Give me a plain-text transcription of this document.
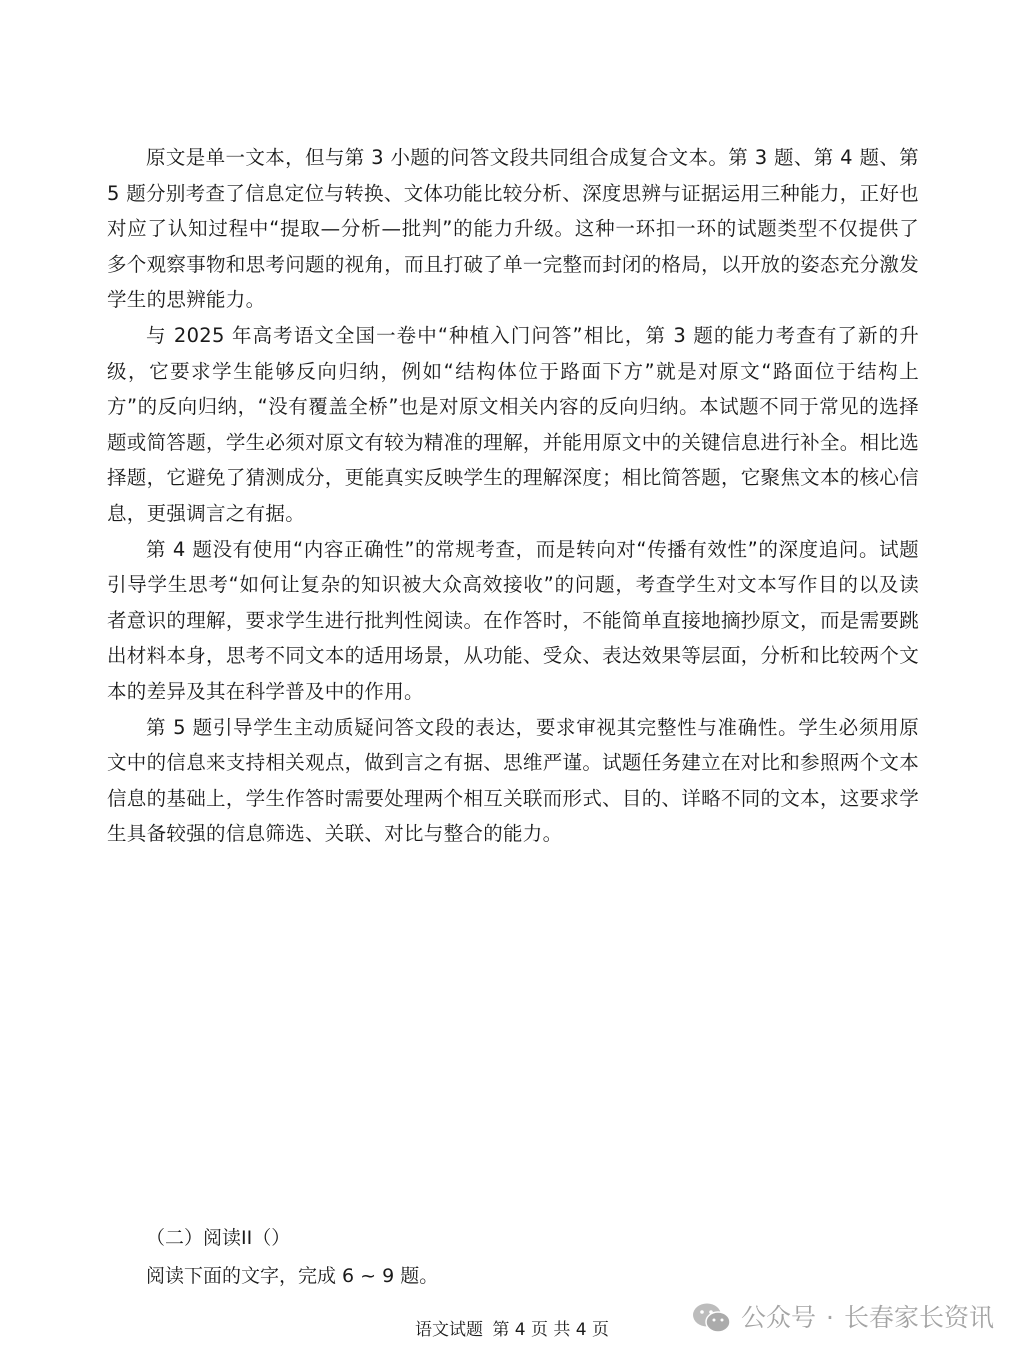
原文是单一文本，但与第 3 小题的问答文段共同组合成复合文本。第 3 题、第 4 题、第 5 题分别考查了信息定位与转换、文体功能比较分析、深度思辨与证据运用三种能力，正好也对应了认知过程中“提取—分析—批判”的能力升级。这种一环扣一环的试题类型不仅提供了多个观察事物和思考问题的视角，而且打破了单一完整而封闭的格局，以开放的姿态充分激发学生的思辨能力。

与 2025 年高考语文全国一卷中“种植入门问答”相比，第 3 题的能力考查有了新的升级，它要求学生能够反向归纳，例如“结构体位于路面下方”就是对原文“路面位于结构上方”的反向归纳，“没有覆盖全桥”也是对原文相关内容的反向归纳。本试题不同于常见的选择题或简答题，学生必须对原文有较为精准的理解，并能用原文中的关键信息进行补全。相比选择题，它避免了猜测成分，更能真实反映学生的理解深度；相比简答题，它聚焦文本的核心信息，更强调言之有据。

第 4 题没有使用“内容正确性”的常规考查，而是转向对“传播有效性”的深度追问。试题引导学生思考“如何让复杂的知识被大众高效接收”的问题，考查学生对文本写作目的以及读者意识的理解，要求学生进行批判性阅读。在作答时，不能简单直接地摘抄原文，而是需要跳出材料本身，思考不同文本的适用场景，从功能、受众、表达效果等层面，分析和比较两个文本的差异及其在科学普及中的作用。

第 5 题引导学生主动质疑问答文段的表达，要求审视其完整性与准确性。学生必须用原文中的信息来支持相关观点，做到言之有据、思维严谨。试题任务建立在对比和参照两个文本信息的基础上，学生作答时需要处理两个相互关联而形式、目的、详略不同的文本，这要求学生具备较强的信息筛选、关联、对比与整合的能力。

（二）阅读II（）

阅读下面的文字，完成 6 ~ 9 题。

语文试题 第 4 页 共 4 页	公众号 · 长春家长资讯
